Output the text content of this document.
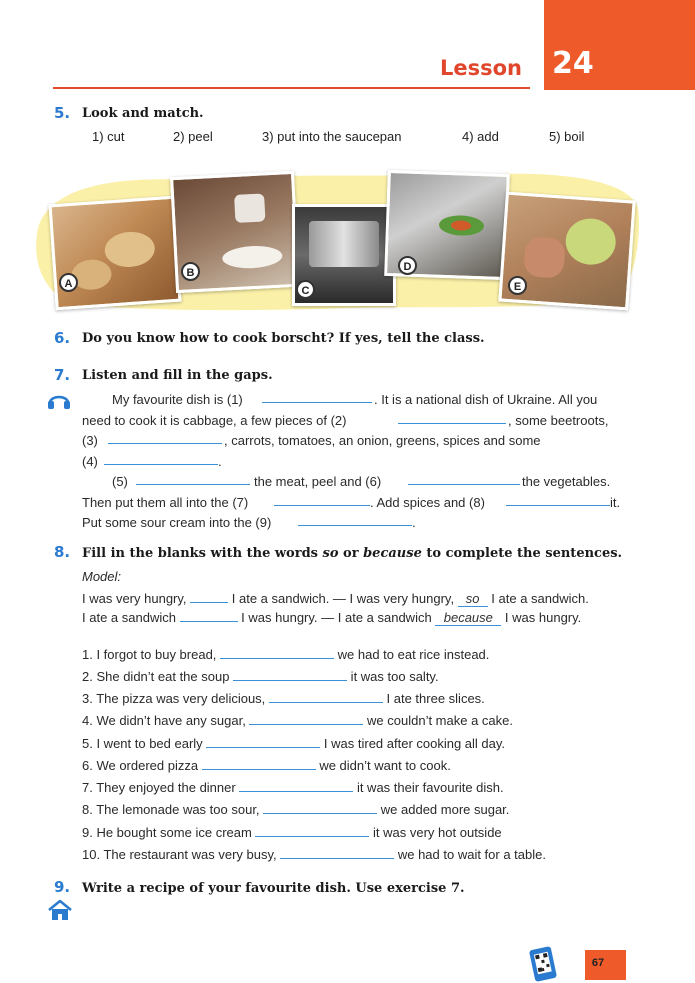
24
Lesson
5. Look and match.
1) cut	2) peel	3) put into the saucepan	4) add	5) boil
A
B
C
D
E
6. Do you know how to cook borscht? If yes, tell the class.
7. Listen and fill in the gaps.
My favourite dish is (1)	. It is a national dish of Ukraine. All you
need to cook it is cabbage, a few pieces of (2)	, some beetroots,
(3)	, carrots, tomatoes, an onion, greens, spices and some
(4)	.
(5)	the meat, peel and (6)	the vegetables.
Then put them all into the (7)	. Add spices and (8)	it.
Put some sour cream into the (9)	.
8. Fill in the blanks with the words so or because to complete the sentences.
Model:
I was very hungry,	I ate a sandwich. — I was very hungry, so I ate a sandwich.
I ate a sandwich	I was hungry. — I ate a sandwich because I was hungry.
1. I forgot to buy bread,	we had to eat rice instead.
2. She didn’t eat the soup	it was too salty.
3. The pizza was very delicious,	I ate three slices.
4. We didn’t have any sugar,	we couldn’t make a cake.
5. I went to bed early	I was tired after cooking all day.
6. We ordered pizza	we didn’t want to cook.
7. They enjoyed the dinner	it was their favourite dish.
8. The lemonade was too sour,	we added more sugar.
9. He bought some ice cream	it was very hot outside
10. The restaurant was very busy,	we had to wait for a table.
9. Write a recipe of your favourite dish. Use exercise 7.
67
